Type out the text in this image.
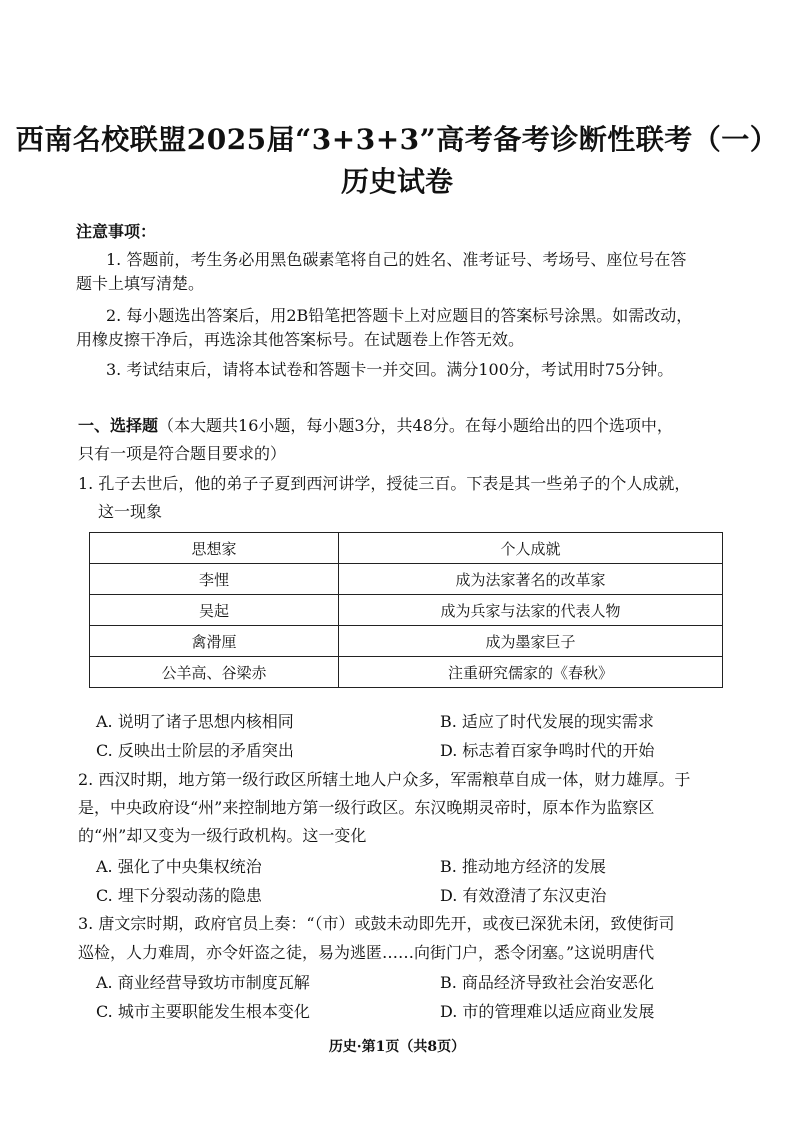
西南名校联盟2025届“3+3+3”高考备考诊断性联考（一）
历史试卷
注意事项：
1. 答题前，考生务必用黑色碳素笔将自己的姓名、准考证号、考场号、座位号在答
题卡上填写清楚。
2. 每小题选出答案后，用2B铅笔把答题卡上对应题目的答案标号涂黑。如需改动，
用橡皮擦干净后，再选涂其他答案标号。在试题卷上作答无效。
3. 考试结束后，请将本试卷和答题卡一并交回。满分100分，考试用时75分钟。
一、选择题（本大题共16小题，每小题3分，共48分。在每小题给出的四个选项中，
只有一项是符合题目要求的）
1. 孔子去世后，他的弟子子夏到西河讲学，授徒三百。下表是其一些弟子的个人成就，
这一现象
思想家	个人成就
李悝	成为法家著名的改革家
吴起	成为兵家与法家的代表人物
禽滑厘	成为墨家巨子
公羊高、谷梁赤	注重研究儒家的《春秋》
A. 说明了诸子思想内核相同	B. 适应了时代发展的现实需求
C. 反映出士阶层的矛盾突出	D. 标志着百家争鸣时代的开始
2. 西汉时期，地方第一级行政区所辖土地人户众多，军需粮草自成一体，财力雄厚。于
是，中央政府设“州”来控制地方第一级行政区。东汉晚期灵帝时，原本作为监察区
的“州”却又变为一级行政机构。这一变化
A. 强化了中央集权统治	B. 推动地方经济的发展
C. 埋下分裂动荡的隐患	D. 有效澄清了东汉吏治
3. 唐文宗时期，政府官员上奏：“（市）或鼓未动即先开，或夜已深犹未闭，致使街司
巡检，人力难周，亦令奸盗之徒，易为逃匿……向街门户，悉令闭塞。”这说明唐代
A. 商业经营导致坊市制度瓦解	B. 商品经济导致社会治安恶化
C. 城市主要职能发生根本变化	D. 市的管理难以适应商业发展
历史·第1页（共8页）
